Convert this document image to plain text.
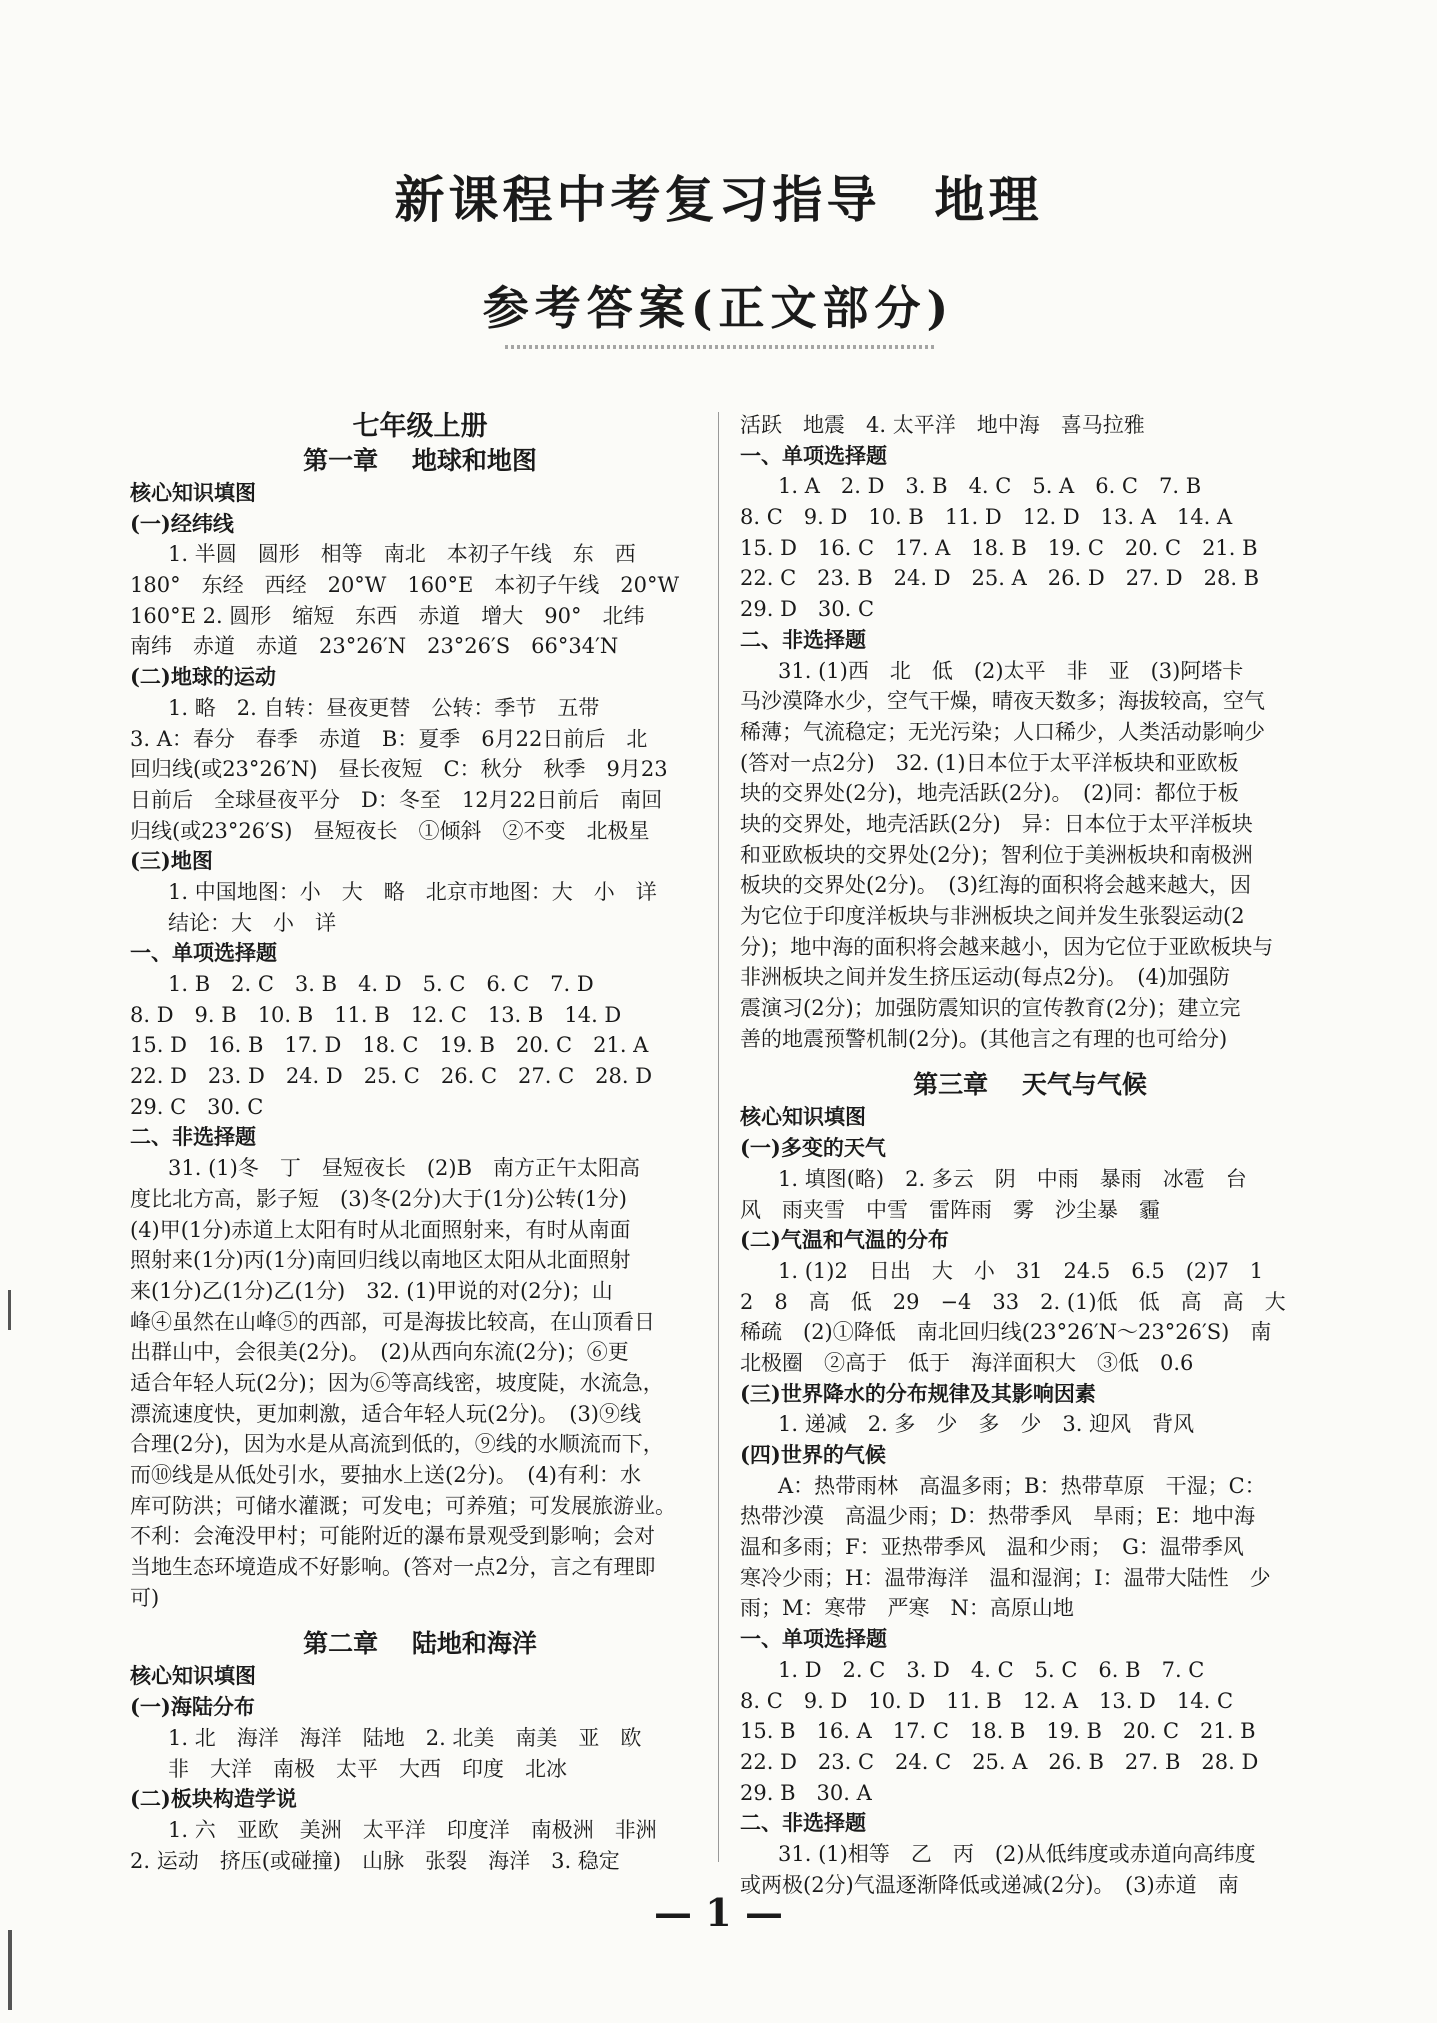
新课程中考复习指导　地理
参考答案(正文部分)
七年级上册
第一章　 地球和地图
核心知识填图
(一)经纬线
1. 半圆　圆形　相等　南北　本初子午线　东　西
180°　东经　西经　20°W　160°E　本初子午线　20°W
160°E 2. 圆形　缩短　东西　赤道　增大　90°　北纬
南纬　赤道　赤道　23°26′N　23°26′S　66°34′N
(二)地球的运动
1. 略　2. 自转：昼夜更替　公转：季节　五带
3. A：春分　春季　赤道　B：夏季　6月22日前后　北
回归线(或23°26′N)　昼长夜短　C：秋分　秋季　9月23
日前后　全球昼夜平分　D：冬至　12月22日前后　南回
归线(或23°26′S)　昼短夜长　①倾斜　②不变　北极星
(三)地图
1. 中国地图：小　大　略　北京市地图：大　小　详
结论：大　小　详
一、单项选择题
1. B　2. C　3. B　4. D　5. C　6. C　7. D
8. D　9. B　10. B　11. B　12. C　13. B　14. D
15. D　16. B　17. D　18. C　19. B　20. C　21. A
22. D　23. D　24. D　25. C　26. C　27. C　28. D
29. C　30. C
二、非选择题
31. (1)冬　丁　昼短夜长　(2)B　南方正午太阳高
度比北方高，影子短　(3)冬(2分)大于(1分)公转(1分)
(4)甲(1分)赤道上太阳有时从北面照射来，有时从南面
照射来(1分)丙(1分)南回归线以南地区太阳从北面照射
来(1分)乙(1分)乙(1分)　32. (1)甲说的对(2分)；山
峰④虽然在山峰⑤的西部，可是海拔比较高，在山顶看日
出群山中，会很美(2分)。　(2)从西向东流(2分)；⑥更
适合年轻人玩(2分)；因为⑥等高线密，坡度陡，水流急，
漂流速度快，更加刺激，适合年轻人玩(2分)。　(3)⑨线
合理(2分)，因为水是从高流到低的，⑨线的水顺流而下，
而⑩线是从低处引水，要抽水上送(2分)。　(4)有利：水
库可防洪；可储水灌溉；可发电；可养殖；可发展旅游业。
不利：会淹没甲村；可能附近的瀑布景观受到影响；会对
当地生态环境造成不好影响。(答对一点2分，言之有理即
可)
第二章　 陆地和海洋
核心知识填图
(一)海陆分布
1. 北　海洋　海洋　陆地　2. 北美　南美　亚　欧
非　大洋　南极　太平　大西　印度　北冰
(二)板块构造学说
1. 六　亚欧　美洲　太平洋　印度洋　南极洲　非洲
2. 运动　挤压(或碰撞)　山脉　张裂　海洋　3. 稳定
活跃　地震　4. 太平洋　地中海　喜马拉雅
一、单项选择题
1. A　2. D　3. B　4. C　5. A　6. C　7. B
8. C　9. D　10. B　11. D　12. D　13. A　14. A
15. D　16. C　17. A　18. B　19. C　20. C　21. B
22. C　23. B　24. D　25. A　26. D　27. D　28. B
29. D　30. C
二、非选择题
31. (1)西　北　低　(2)太平　非　亚　(3)阿塔卡
马沙漠降水少，空气干燥，晴夜天数多；海拔较高，空气
稀薄；气流稳定；无光污染；人口稀少，人类活动影响少
(答对一点2分)　32. (1)日本位于太平洋板块和亚欧板
块的交界处(2分)，地壳活跃(2分)。　(2)同：都位于板
块的交界处，地壳活跃(2分)　异：日本位于太平洋板块
和亚欧板块的交界处(2分)；智利位于美洲板块和南极洲
板块的交界处(2分)。　(3)红海的面积将会越来越大，因
为它位于印度洋板块与非洲板块之间并发生张裂运动(2
分)；地中海的面积将会越来越小，因为它位于亚欧板块与
非洲板块之间并发生挤压运动(每点2分)。　(4)加强防
震演习(2分)；加强防震知识的宣传教育(2分)；建立完
善的地震预警机制(2分)。(其他言之有理的也可给分)
第三章　 天气与气候
核心知识填图
(一)多变的天气
1. 填图(略)　2. 多云　阴　中雨　暴雨　冰雹　台
风　雨夹雪　中雪　雷阵雨　雾　沙尘暴　霾
(二)气温和气温的分布
1. (1)2　日出　大　小　31　24.5　6.5　(2)7　1
2　8　高　低　29　−4　33　2. (1)低　低　高　高　大
稀疏　(2)①降低　南北回归线(23°26′N～23°26′S)　南
北极圈　②高于　低于　海洋面积大　③低　0.6
(三)世界降水的分布规律及其影响因素
1. 递减　2. 多　少　多　少　3. 迎风　背风
(四)世界的气候
A：热带雨林　高温多雨；B：热带草原　干湿；C：
热带沙漠　高温少雨；D：热带季风　旱雨；E：地中海
温和多雨；F：亚热带季风　温和少雨；　G：温带季风
寒冷少雨；H：温带海洋　温和湿润；I：温带大陆性　少
雨；M：寒带　严寒　N：高原山地
一、单项选择题
1. D　2. C　3. D　4. C　5. C　6. B　7. C
8. C　9. D　10. D　11. B　12. A　13. D　14. C
15. B　16. A　17. C　18. B　19. B　20. C　21. B
22. D　23. C　24. C　25. A　26. B　27. B　28. D
29. B　30. A
二、非选择题
31. (1)相等　乙　丙　(2)从低纬度或赤道向高纬度
或两极(2分)气温逐渐降低或递减(2分)。　(3)赤道　南
— 1 —
